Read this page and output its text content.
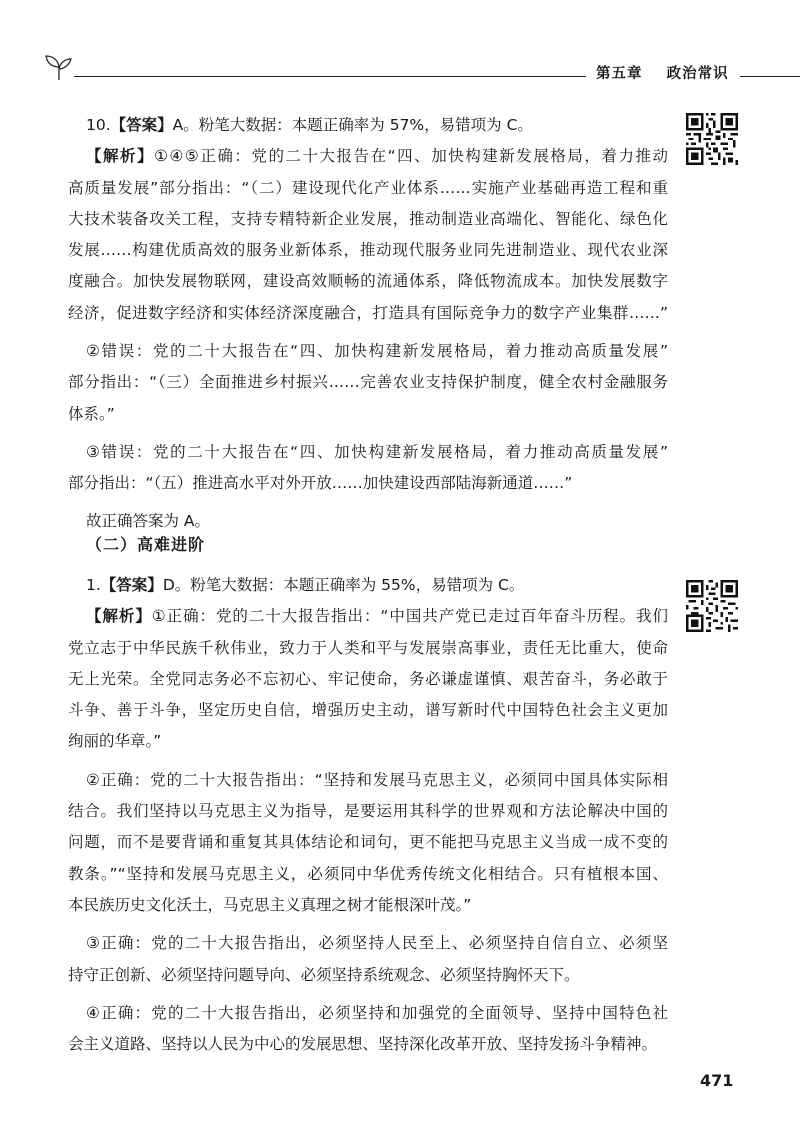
第五章 政治常识
10.【答案】A。粉笔大数据：本题正确率为 57%，易错项为 C。
【解析】①④⑤正确：党的二十大报告在“四、加快构建新发展格局，着力推动
高质量发展”部分指出：“（二）建设现代化产业体系……实施产业基础再造工程和重
大技术装备攻关工程，支持专精特新企业发展，推动制造业高端化、智能化、绿色化
发展……构建优质高效的服务业新体系，推动现代服务业同先进制造业、现代农业深
度融合。加快发展物联网，建设高效顺畅的流通体系，降低物流成本。加快发展数字
经济，促进数字经济和实体经济深度融合，打造具有国际竞争力的数字产业集群……”
②错误：党的二十大报告在“四、加快构建新发展格局，着力推动高质量发展”
部分指出：“（三）全面推进乡村振兴……完善农业支持保护制度，健全农村金融服务
体系。”
③错误：党的二十大报告在“四、加快构建新发展格局，着力推动高质量发展”
部分指出：“（五）推进高水平对外开放……加快建设西部陆海新通道……”
故正确答案为 A。
（二）高难进阶
1.【答案】D。粉笔大数据：本题正确率为 55%，易错项为 C。
【解析】①正确：党的二十大报告指出：“中国共产党已走过百年奋斗历程。我们
党立志于中华民族千秋伟业，致力于人类和平与发展崇高事业，责任无比重大，使命
无上光荣。全党同志务必不忘初心、牢记使命，务必谦虚谨慎、艰苦奋斗，务必敢于
斗争、善于斗争，坚定历史自信，增强历史主动，谱写新时代中国特色社会主义更加
绚丽的华章。”
②正确：党的二十大报告指出：“坚持和发展马克思主义，必须同中国具体实际相
结合。我们坚持以马克思主义为指导，是要运用其科学的世界观和方法论解决中国的
问题，而不是要背诵和重复其具体结论和词句，更不能把马克思主义当成一成不变的
教条。”“坚持和发展马克思主义，必须同中华优秀传统文化相结合。只有植根本国、
本民族历史文化沃土，马克思主义真理之树才能根深叶茂。”
③正确：党的二十大报告指出，必须坚持人民至上、必须坚持自信自立、必须坚
持守正创新、必须坚持问题导向、必须坚持系统观念、必须坚持胸怀天下。
④正确：党的二十大报告指出，必须坚持和加强党的全面领导、坚持中国特色社
会主义道路、坚持以人民为中心的发展思想、坚持深化改革开放、坚持发扬斗争精神。
471
